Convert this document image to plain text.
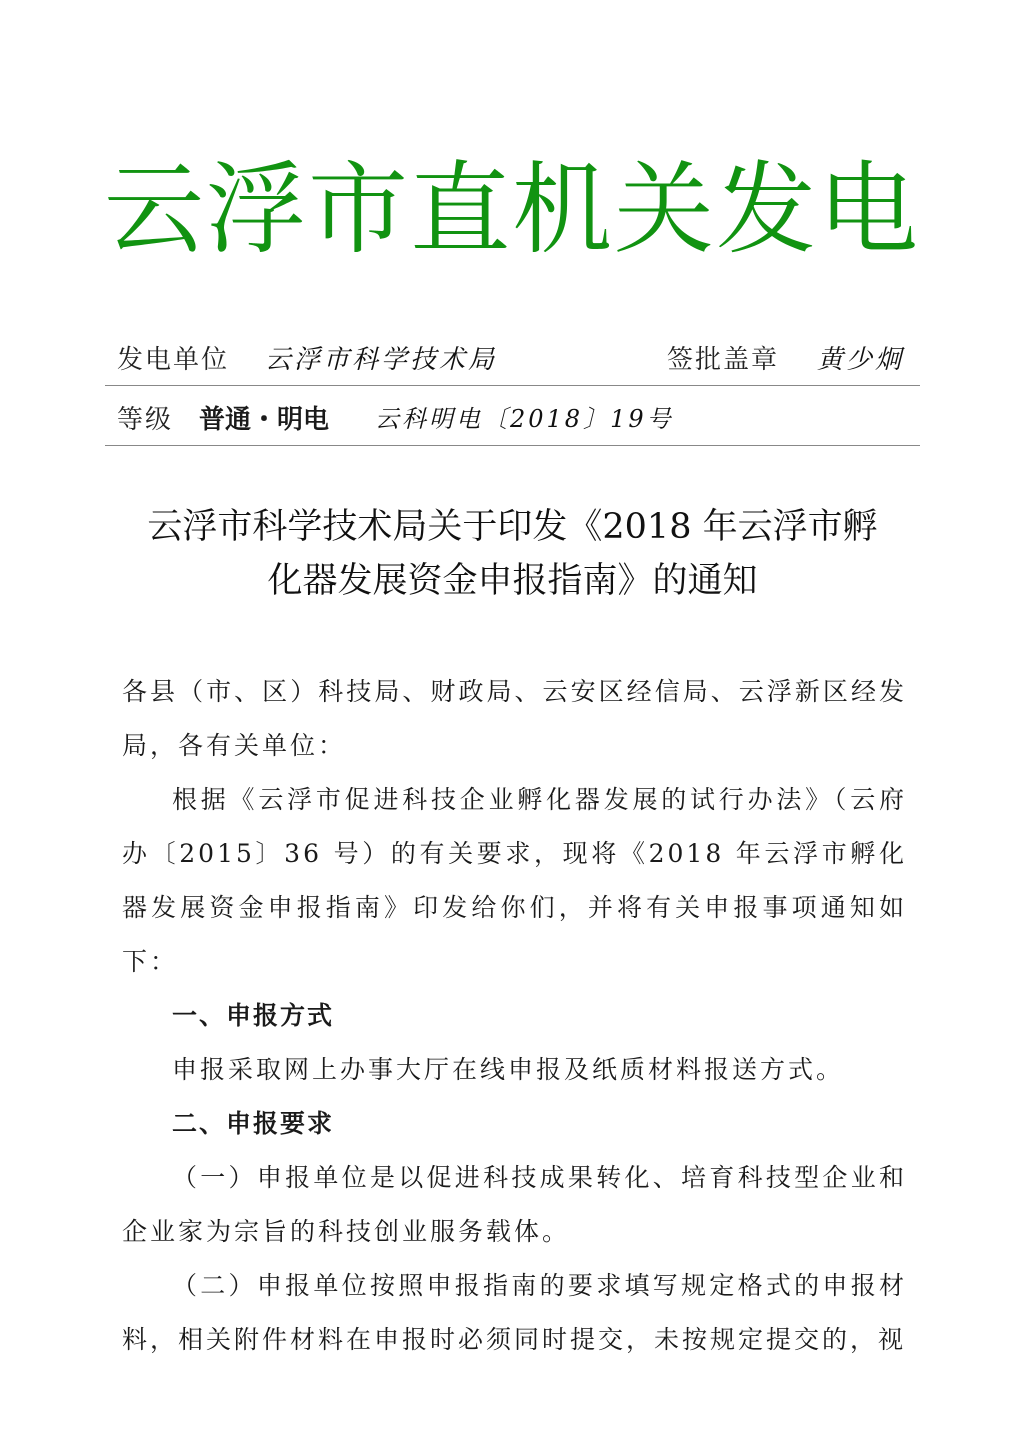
云浮市直机关发电
发电单位 云浮市科学技术局	签批盖章 黄少炯
等级 普通・明电 云科明电〔2018〕19号
云浮市科学技术局关于印发《2018 年云浮市孵
化器发展资金申报指南》的通知

各县（市、区）科技局、财政局、云安区经信局、云浮新区经发局，各有关单位：

根据《云浮市促进科技企业孵化器发展的试行办法》（云府办〔2015〕36 号）的有关要求，现将《2018 年云浮市孵化器发展资金申报指南》印发给你们，并将有关申报事项通知如下：

一、申报方式

申报采取网上办事大厅在线申报及纸质材料报送方式。

二、申报要求

（一）申报单位是以促进科技成果转化、培育科技型企业和企业家为宗旨的科技创业服务载体。

（二）申报单位按照申报指南的要求填写规定格式的申报材料，相关附件材料在申报时必须同时提交，未按规定提交的，视
